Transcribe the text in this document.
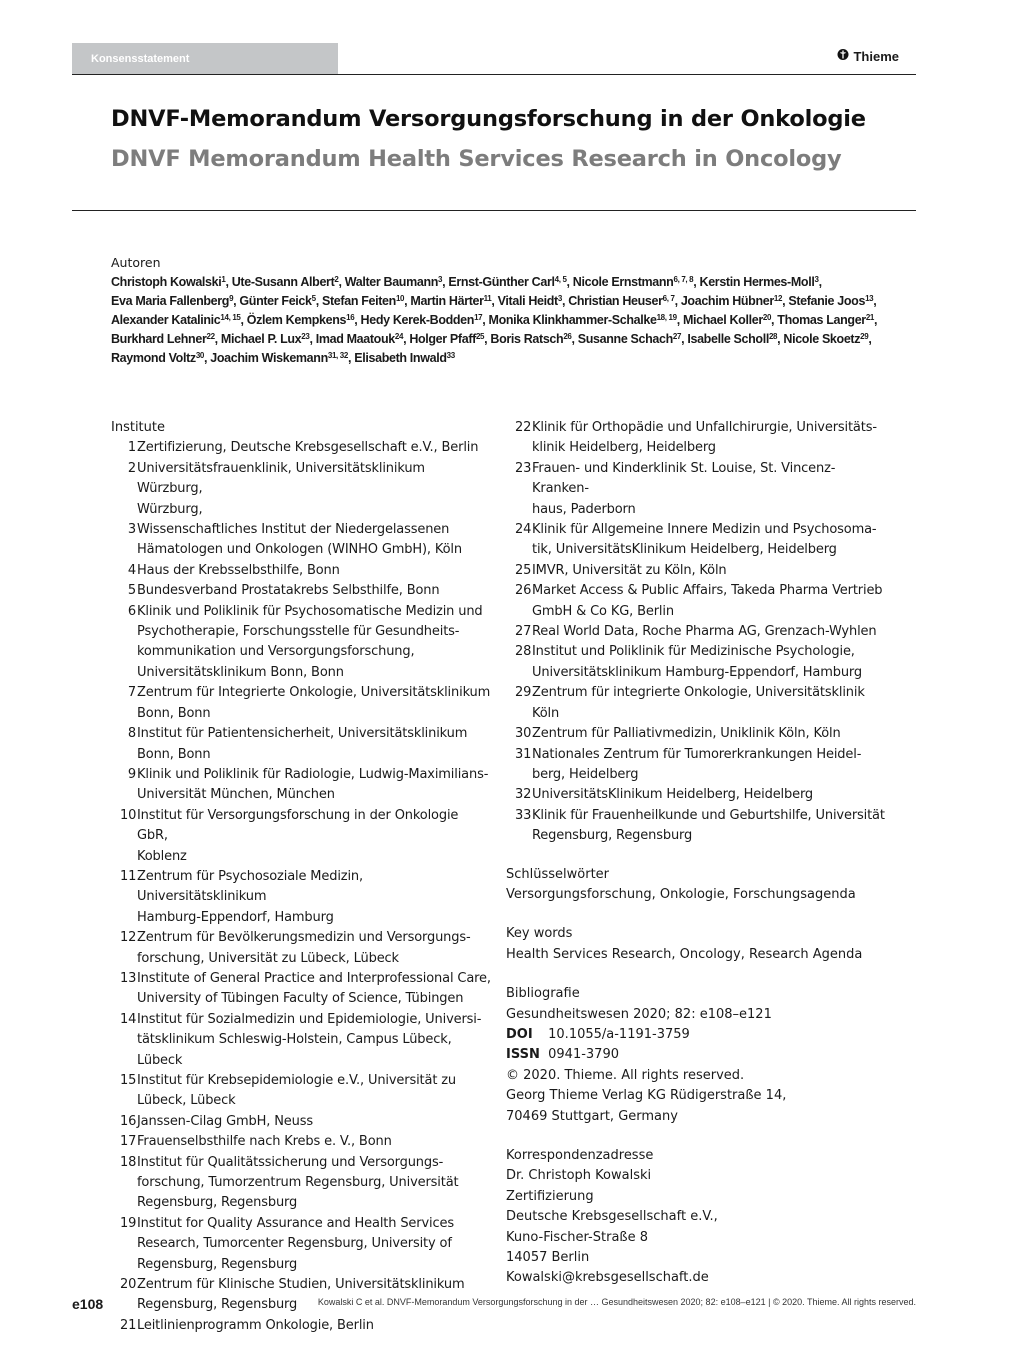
Konsensstatement	Thieme
DNVF-Memorandum Versorgungsforschung in der Onkologie
DNVF Memorandum Health Services Research in Oncology
Autoren
Christoph Kowalski$^1$, Ute-Susann Albert$^2$, Walter Baumann$^3$, Ernst-Günther Carl$^{4, 5}$, Nicole Ernstmann$^{6, 7, 8}$, Kerstin Hermes-Moll$^3$, Eva Maria Fallenberg$^9$, Günter Feick$^5$, Stefan Feiten$^{10}$, Martin Härter$^{11}$, Vitali Heidt$^3$, Christian Heuser$^{6, 7}$, Joachim Hübner$^{12}$, Stefanie Joos$^{13}$, Alexander Katalinic$^{14, 15}$, Özlem Kempkens$^{16}$, Hedy Kerek-Bodden$^{17}$, Monika Klinkhammer-Schalke$^{18, 19}$, Michael Koller$^{20}$, Thomas Langer$^{21}$, Burkhard Lehner$^{22}$, Michael P. Lux$^{23}$, Imad Maatouk$^{24}$, Holger Pfaff$^{25}$, Boris Ratsch$^{26}$, Susanne Schach$^{27}$, Isabelle Scholl$^{28}$, Nicole Skoetz$^{29}$, Raymond Voltz$^{30}$, Joachim Wiskemann$^{31, 32}$, Elisabeth Inwald$^{33}$
Institute
1 Zertifizierung, Deutsche Krebsgesellschaft e.V., Berlin
2 Universitätsfrauenklinik, Universitätsklinikum Würzburg,
Würzburg,
3 Wissenschaftliches Institut der Niedergelassenen
Hämatologen und Onkologen (WINHO GmbH), Köln
4 Haus der Krebsselbsthilfe, Bonn
5 Bundesverband Prostatakrebs Selbsthilfe, Bonn
6 Klinik und Poliklinik für Psychosomatische Medizin und
Psychotherapie, Forschungsstelle für Gesundheits-
kommunikation und Versorgungsforschung,
Universitätsklinikum Bonn, Bonn
7 Zentrum für Integrierte Onkologie, Universitätsklinikum
Bonn, Bonn
8 Institut für Patientensicherheit, Universitätsklinikum
Bonn, Bonn
9 Klinik und Poliklinik für Radiologie, Ludwig-Maximilians-
Universität München, München
10 Institut für Versorgungsforschung in der Onkologie GbR,
Koblenz
11 Zentrum für Psychosoziale Medizin, Universitätsklinikum
Hamburg-Eppendorf, Hamburg
12 Zentrum für Bevölkerungsmedizin und Versorgungs-
forschung, Universität zu Lübeck, Lübeck
13 Institute of General Practice and Interprofessional Care,
University of Tübingen Faculty of Science, Tübingen
14 Institut für Sozialmedizin und Epidemiologie, Universi-
tätsklinikum Schleswig-Holstein, Campus Lübeck, Lübeck
15 Institut für Krebsepidemiologie e.V., Universität zu
Lübeck, Lübeck
16 Janssen-Cilag GmbH, Neuss
17 Frauenselbsthilfe nach Krebs e. V., Bonn
18 Institut für Qualitätssicherung und Versorgungs-
forschung, Tumorzentrum Regensburg, Universität
Regensburg, Regensburg
19 Institut for Quality Assurance and Health Services
Research, Tumorcenter Regensburg, University of
Regensburg, Regensburg
20 Zentrum für Klinische Studien, Universitätsklinikum
Regensburg, Regensburg
21 Leitlinienprogramm Onkologie, Berlin
22 Klinik für Orthopädie und Unfallchirurgie, Universitäts-
klinik Heidelberg, Heidelberg
23 Frauen- und Kinderklinik St. Louise, St. Vincenz-Kranken-
haus, Paderborn
24 Klinik für Allgemeine Innere Medizin und Psychosoma-
tik, UniversitätsKlinikum Heidelberg, Heidelberg
25 IMVR, Universität zu Köln, Köln
26 Market Access & Public Affairs, Takeda Pharma Vertrieb
GmbH & Co KG, Berlin
27 Real World Data, Roche Pharma AG, Grenzach-Wyhlen
28 Institut und Poliklinik für Medizinische Psychologie,
Universitätsklinikum Hamburg-Eppendorf, Hamburg
29 Zentrum für integrierte Onkologie, Universitätsklinik Köln
30 Zentrum für Palliativmedizin, Uniklinik Köln, Köln
31 Nationales Zentrum für Tumorerkrankungen Heidel-
berg, Heidelberg
32 UniversitätsKlinikum Heidelberg, Heidelberg
33 Klinik für Frauenheilkunde und Geburtshilfe, Universität
Regensburg, Regensburg
Schlüsselwörter
Versorgungsforschung, Onkologie, Forschungsagenda
Key words
Health Services Research, Oncology, Research Agenda
Bibliografie
Gesundheitswesen 2020; 82: e108–e121
DOI 10.1055/a-1191-3759
ISSN 0941-3790
© 2020. Thieme. All rights reserved.
Georg Thieme Verlag KG Rüdigerstraße 14,
70469 Stuttgart, Germany
Korrespondenzadresse
Dr. Christoph Kowalski
Zertifizierung
Deutsche Krebsgesellschaft e.V.,
Kuno-Fischer-Straße 8
14057 Berlin
Kowalski@krebsgesellschaft.de
e108	Kowalski C et al. DNVF-Memorandum Versorgungsforschung in der … Gesundheitswesen 2020; 82: e108–e121 | © 2020. Thieme. All rights reserved.
